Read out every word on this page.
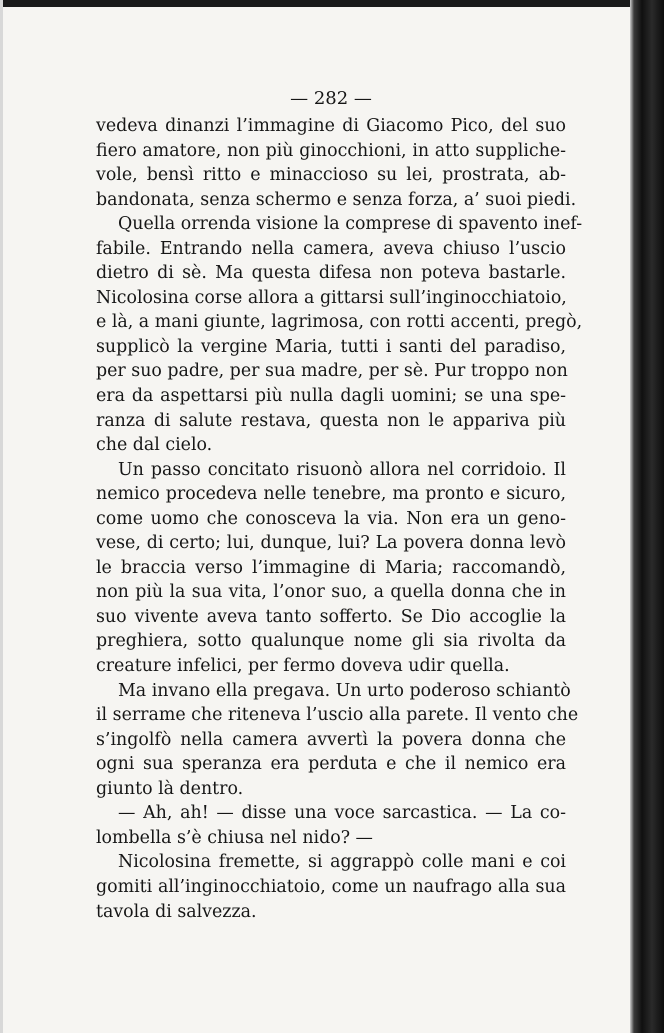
— 282 —
vedeva dinanzi l’immagine di Giacomo Pico, del suo
fiero amatore, non più ginocchioni, in atto suppliche-
vole, bensì ritto e minaccioso su lei, prostrata, ab-
bandonata, senza schermo e senza forza, a’ suoi piedi.
Quella orrenda visione la comprese di spavento inef-
fabile. Entrando nella camera, aveva chiuso l’uscio
dietro di sè. Ma questa difesa non poteva bastarle.
Nicolosina corse allora a gittarsi sull’inginocchiatoio,
e là, a mani giunte, lagrimosa, con rotti accenti, pregò,
supplicò la vergine Maria, tutti i santi del paradiso,
per suo padre, per sua madre, per sè. Pur troppo non
era da aspettarsi più nulla dagli uomini; se una spe-
ranza di salute restava, questa non le appariva più
che dal cielo.
Un passo concitato risuonò allora nel corridoio. Il
nemico procedeva nelle tenebre, ma pronto e sicuro,
come uomo che conosceva la via. Non era un geno-
vese, di certo; lui, dunque, lui? La povera donna levò
le braccia verso l’immagine di Maria; raccomandò,
non più la sua vita, l’onor suo, a quella donna che in
suo vivente aveva tanto sofferto. Se Dio accoglie la
preghiera, sotto qualunque nome gli sia rivolta da
creature infelici, per fermo doveva udir quella.
Ma invano ella pregava. Un urto poderoso schiantò
il serrame che riteneva l’uscio alla parete. Il vento che
s’ingolfò nella camera avvertì la povera donna che
ogni sua speranza era perduta e che il nemico era
giunto là dentro.
— Ah, ah! — disse una voce sarcastica. — La co-
lombella s’è chiusa nel nido? —
Nicolosina fremette, si aggrappò colle mani e coi
gomiti all’inginocchiatoio, come un naufrago alla sua
tavola di salvezza.
